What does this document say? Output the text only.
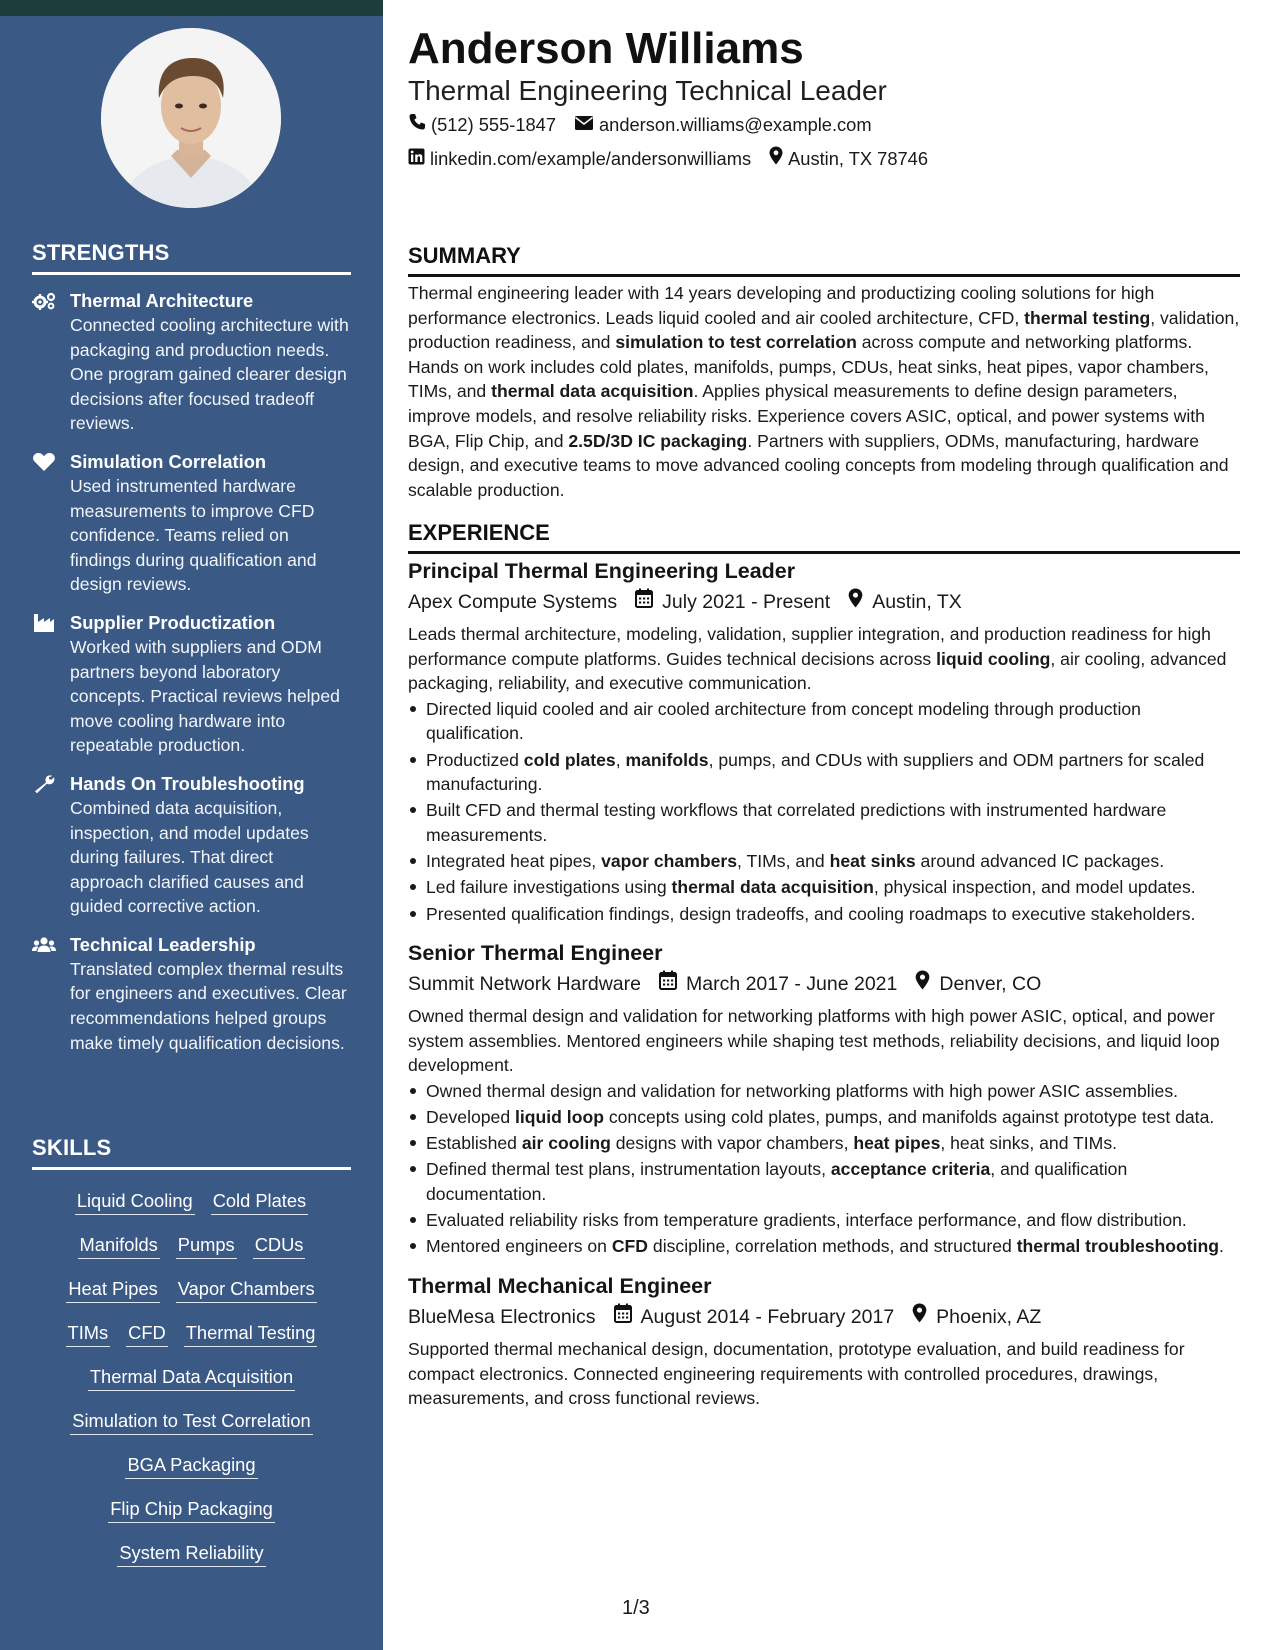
STRENGTHS
Thermal Architecture
Connected cooling architecture with packaging and production needs. One program gained clearer design decisions after focused tradeoff reviews.
Simulation Correlation
Used instrumented hardware measurements to improve CFD confidence. Teams relied on findings during qualification and design reviews.
Supplier Productization
Worked with suppliers and ODM partners beyond laboratory concepts. Practical reviews helped move cooling hardware into repeatable production.
Hands On Troubleshooting
Combined data acquisition, inspection, and model updates during failures. That direct approach clarified causes and guided corrective action.
Technical Leadership
Translated complex thermal results for engineers and executives. Clear recommendations helped groups make timely qualification decisions.
SKILLS
Liquid Cooling Cold Plates
Manifolds Pumps CDUs
Heat Pipes Vapor Chambers
TIMs CFD Thermal Testing
Thermal Data Acquisition
Simulation to Test Correlation
BGA Packaging
Flip Chip Packaging
System Reliability
Anderson Williams
Thermal Engineering Technical Leader
(512) 555-1847 anderson.williams@example.com
linkedin.com/example/andersonwilliams Austin, TX 78746
SUMMARY
Thermal engineering leader with 14 years developing and productizing cooling solutions for high performance electronics. Leads liquid cooled and air cooled architecture, CFD, thermal testing, validation, production readiness, and simulation to test correlation across compute and networking platforms. Hands on work includes cold plates, manifolds, pumps, CDUs, heat sinks, heat pipes, vapor chambers, TIMs, and thermal data acquisition. Applies physical measurements to define design parameters, improve models, and resolve reliability risks. Experience covers ASIC, optical, and power systems with BGA, Flip Chip, and 2.5D/3D IC packaging. Partners with suppliers, ODMs, manufacturing, hardware design, and executive teams to move advanced cooling concepts from modeling through qualification and scalable production.
EXPERIENCE
Principal Thermal Engineering Leader
Apex Compute Systems July 2021 - Present Austin, TX
Leads thermal architecture, modeling, validation, supplier integration, and production readiness for high performance compute platforms. Guides technical decisions across liquid cooling, air cooling, advanced packaging, reliability, and executive communication.
Directed liquid cooled and air cooled architecture from concept modeling through production qualification.
Productized cold plates, manifolds, pumps, and CDUs with suppliers and ODM partners for scaled manufacturing.
Built CFD and thermal testing workflows that correlated predictions with instrumented hardware measurements.
Integrated heat pipes, vapor chambers, TIMs, and heat sinks around advanced IC packages.
Led failure investigations using thermal data acquisition, physical inspection, and model updates.
Presented qualification findings, design tradeoffs, and cooling roadmaps to executive stakeholders.
Senior Thermal Engineer
Summit Network Hardware March 2017 - June 2021 Denver, CO
Owned thermal design and validation for networking platforms with high power ASIC, optical, and power system assemblies. Mentored engineers while shaping test methods, reliability decisions, and liquid loop development.
Owned thermal design and validation for networking platforms with high power ASIC assemblies.
Developed liquid loop concepts using cold plates, pumps, and manifolds against prototype test data.
Established air cooling designs with vapor chambers, heat pipes, heat sinks, and TIMs.
Defined thermal test plans, instrumentation layouts, acceptance criteria, and qualification documentation.
Evaluated reliability risks from temperature gradients, interface performance, and flow distribution.
Mentored engineers on CFD discipline, correlation methods, and structured thermal troubleshooting.
Thermal Mechanical Engineer
BlueMesa Electronics August 2014 - February 2017 Phoenix, AZ
Supported thermal mechanical design, documentation, prototype evaluation, and build readiness for compact electronics. Connected engineering requirements with controlled procedures, drawings, measurements, and cross functional reviews.
1/3
